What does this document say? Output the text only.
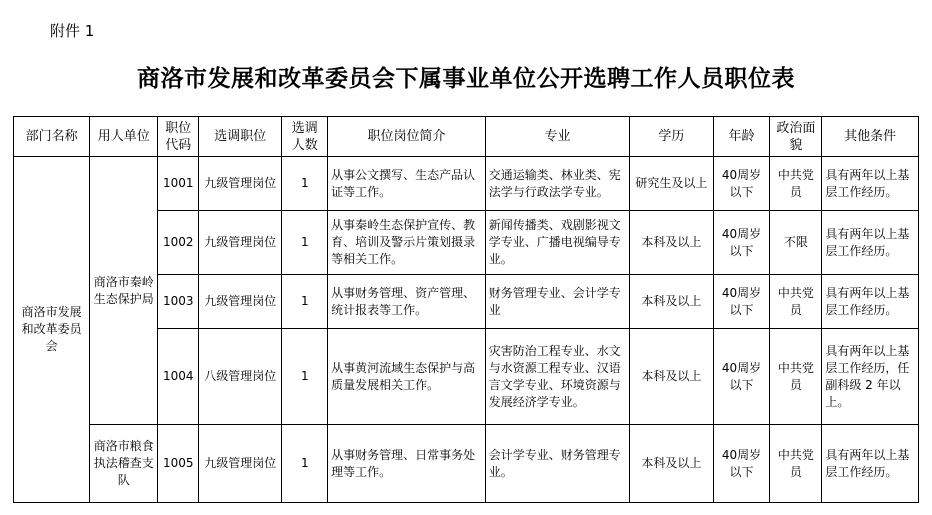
附件 1
商洛市发展和改革委员会下属事业单位公开选聘工作人员职位表
部门名称	用人单位	职位代码	选调职位	选调人数	职位岗位简介	专业	学历	年龄	政治面貌	其他条件
商洛市发展和改革委员会	商洛市秦岭生态保护局	1001	九级管理岗位	1	从事公文撰写、生态产品认证等工作。	交通运输类、林业类、宪法学与行政法学专业。	研究生及以上	40周岁以下	中共党员	具有两年以上基层工作经历。
		1002	九级管理岗位	1	从事秦岭生态保护宣传、教育、培训及警示片策划摄录等相关工作。	新闻传播类、戏剧影视文学专业、广播电视编导专业。	本科及以上	40周岁以下	不限	具有两年以上基层工作经历。
		1003	九级管理岗位	1	从事财务管理、资产管理、统计报表等工作。	财务管理专业、会计学专业	本科及以上	40周岁以下	中共党员	具有两年以上基层工作经历。
		1004	八级管理岗位	1	从事黄河流域生态保护与高质量发展相关工作。	灾害防治工程专业、水文与水资源工程专业、汉语言文学专业、环境资源与发展经济学专业。	本科及以上	40周岁以下	中共党员	具有两年以上基层工作经历，任副科级 2 年以上。
	商洛市粮食执法稽查支队	1005	九级管理岗位	1	从事财务管理、日常事务处理等工作。	会计学专业、财务管理专业。	本科及以上	40周岁以下	中共党员	具有两年以上基层工作经历。
